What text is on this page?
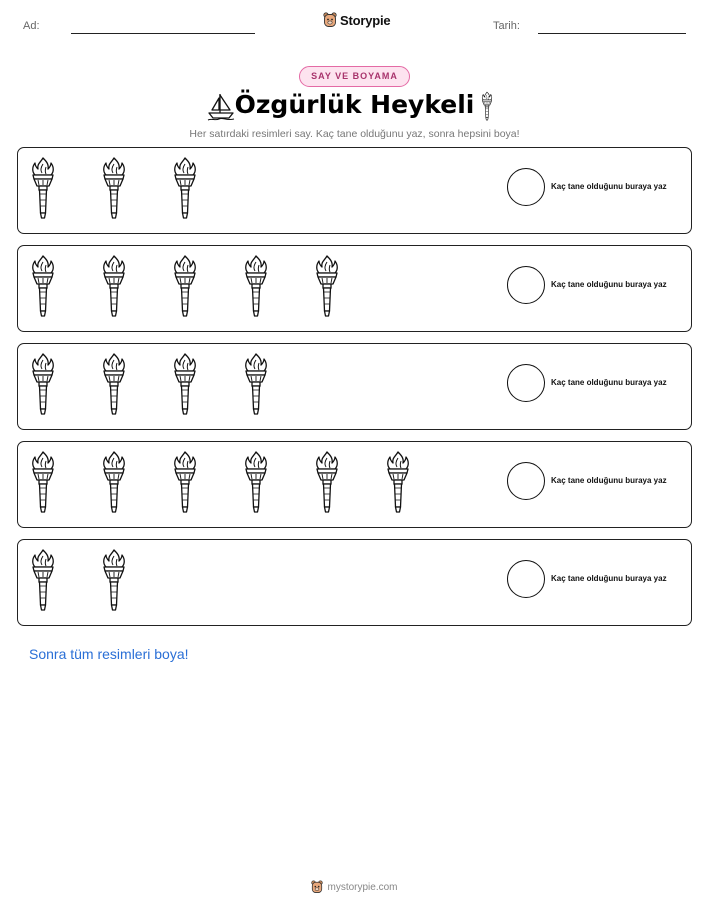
Ad:	Storypie	Tarih:
SAY VE BOYAMA
Özgürlük Heykeli
Her satırdaki resimleri say. Kaç tane olduğunu yaz, sonra hepsini boya!
Kaç tane olduğunu buraya yaz
Kaç tane olduğunu buraya yaz
Kaç tane olduğunu buraya yaz
Kaç tane olduğunu buraya yaz
Kaç tane olduğunu buraya yaz
Sonra tüm resimleri boya!
mystorypie.com
